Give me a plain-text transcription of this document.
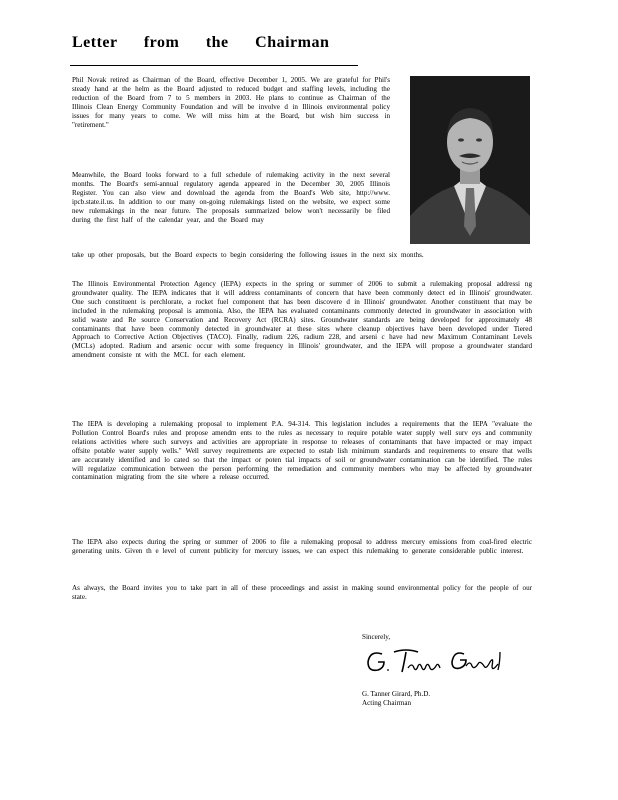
Letter from the Chairman

Phil Novak retired as Chairman of the Board, effective December 1, 2005. We are grateful for Phil's steady hand at the helm as the Board adjusted to reduced budget and staffing levels, including the reduction of the Board from 7 to 5 members in 2003. He plans to continue as Chairman of the Illinois Clean Energy Community Foundation and will be involve d in Illinois environmental policy issues for many years to come. We will miss him at the Board, but wish him success in "retirement."

Meanwhile, the Board looks forward to a full schedule of rulemaking activity in the next several months. The Board's semi-annual regulatory agenda appeared in the December 30, 2005 Illinois Register. You can also view and download the agenda from the Board's Web site, http://www. ipcb.state.il.us. In addition to our many on-going rulemakings listed on the website, we expect some new rulemakings in the near future. The proposals summarized below won't necessarily be filed during the first half of the calendar year, and the Board may

take up other proposals, but the Board expects to begin considering the following issues in the next six months.

The Illinois Environmental Protection Agency (IEPA) expects in the spring or summer of 2006 to submit a rulemaking proposal addressi ng groundwater quality. The IEPA indicates that it will address contaminants of concern that have been commonly detect ed in Illinois' groundwater. One such constituent is perchlorate, a rocket fuel component that has been discovere d in Illinois' groundwater. Another constituent that may be included in the rulemaking proposal is ammonia. Also, the IEPA has evaluated contaminants commonly detected in groundwater in association with solid waste and Re source Conservation and Recovery Act (RCRA) sites. Groundwater standards are being developed for approximately 48 contaminants that have been commonly detected in groundwater at these sites where cleanup objectives have been developed under Tiered Approach to Corrective Action Objectives (TACO). Finally, radium 226, radium 228, and arseni c have had new Maximum Contaminant Levels (MCLs) adopted. Radium and arsenic occur with some frequency in Illinois' groundwater, and the IEPA will propose a groundwater standard amendment consiste nt with the MCL for each element.

The IEPA is developing a rulemaking proposal to implement P.A. 94-314. This legislation includes a requirements that the IEPA "evaluate the Pollution Control Board's rules and propose amendm ents to the rules as necessary to require potable water supply well surv eys and community relations activities where such surveys and activities are appropriate in response to releases of contaminants that have impacted or may impact offsite potable water supply wells." Well survey requirements are expected to estab lish minimum standards and requirements to ensure that wells are accurately identified and lo cated so that the impact or poten tial impacts of soil or groundwater contamination can be identified. The rules will regulatize communication between the person performing the remediation and community members who may be affected by groundwater contamination migrating from the site where a release occurred.

The IEPA also expects during the spring or summer of 2006 to file a rulemaking proposal to address mercury emissions from coal-fired electric generating units. Given th e level of current publicity for mercury issues, we can expect this rulemaking to generate considerable public interest.

As always, the Board invites you to take part in all of these proceedings and assist in making sound environmental policy for the people of our state.

Sincerely,
G. Tanner Girard, Ph.D.
Acting Chairman
